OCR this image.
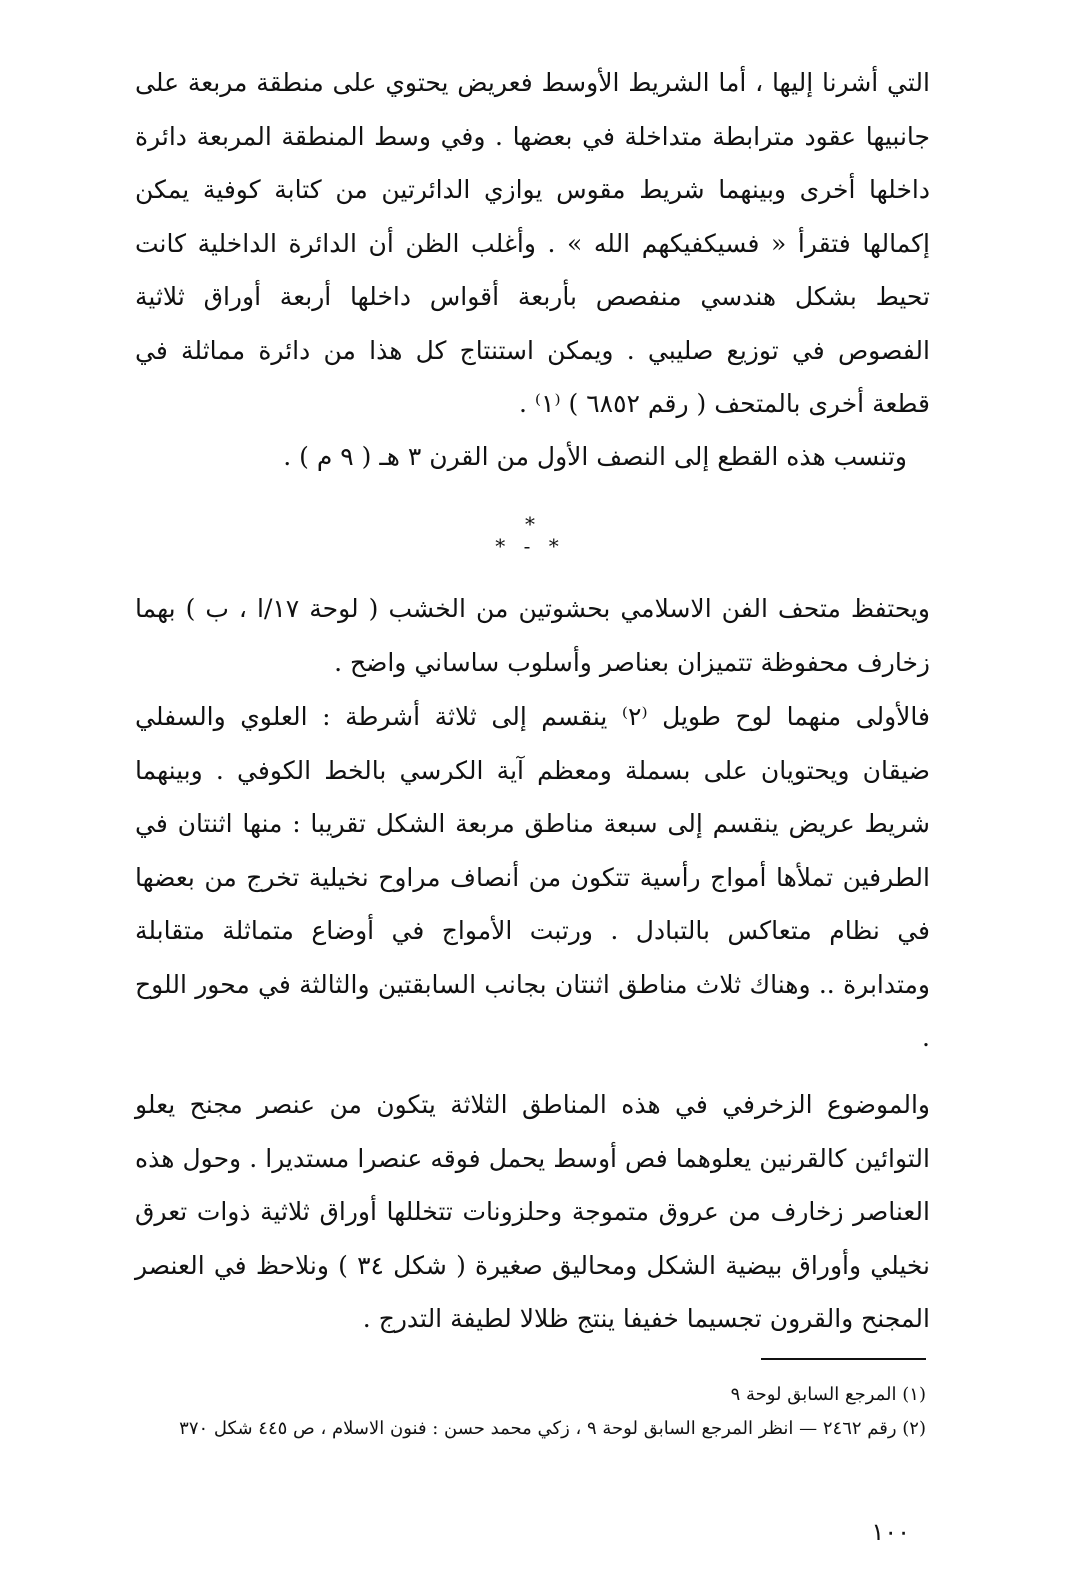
التي أشرنا إليها ، أما الشريط الأوسط فعريض يحتوي على منطقة مربعة على جانبيها عقود مترابطة متداخلة في بعضها . وفي وسط المنطقة المربعة دائرة داخلها أخرى وبينهما شريط مقوس يوازي الدائرتين من كتابة كوفية يمكن إكمالها فتقرأ « فسيكفيكهم الله » . وأغلب الظن أن الدائرة الداخلية كانت تحيط بشكل هندسي منفصص بأربعة أقواس داخلها أربعة أوراق ثلاثية الفصوص في توزيع صليبي . ويمكن استنتاج كل هذا من دائرة مماثلة في قطعة أخرى بالمتحف ( رقم ٦٨٥٢ ) ⁽١⁾ .

وتنسب هذه القطع إلى النصف الأول من القرن ٣ هـ ( ٩ م ) .

*
* - *

ويحتفظ متحف الفن الاسلامي بحشوتين من الخشب ( لوحة ١٧/ا ، ب ) بهما زخارف محفوظة تتميزان بعناصر وأسلوب ساساني واضح .

فالأولى منهما لوح طويل ⁽٢⁾ ينقسم إلى ثلاثة أشرطة : العلوي والسفلي ضيقان ويحتويان على بسملة ومعظم آية الكرسي بالخط الكوفي . وبينهما شريط عريض ينقسم إلى سبعة مناطق مربعة الشكل تقريبا : منها اثنتان في الطرفين تملأها أمواج رأسية تتكون من أنصاف مراوح نخيلية تخرج من بعضها في نظام متعاكس بالتبادل . ورتبت الأمواج في أوضاع متماثلة متقابلة ومتدابرة .. وهناك ثلاث مناطق اثنتان بجانب السابقتين والثالثة في محور اللوح .

والموضوع الزخرفي في هذه المناطق الثلاثة يتكون من عنصر مجنح يعلو التوائين كالقرنين يعلوهما فص أوسط يحمل فوقه عنصرا مستديرا . وحول هذه العناصر زخارف من عروق متموجة وحلزونات تتخللها أوراق ثلاثية ذوات تعرق نخيلي وأوراق بيضية الشكل ومحاليق صغيرة ( شكل ٣٤ ) ونلاحظ في العنصر المجنح والقرون تجسيما خفيفا ينتج ظلالا لطيفة التدرج .

(١) المرجع السابق لوحة ٩

(٢) رقم ٢٤٦٢ — انظر المرجع السابق لوحة ٩ ، زكي محمد حسن : فنون الاسلام ، ص ٤٤٥ شكل ٣٧٠

١٠٠
